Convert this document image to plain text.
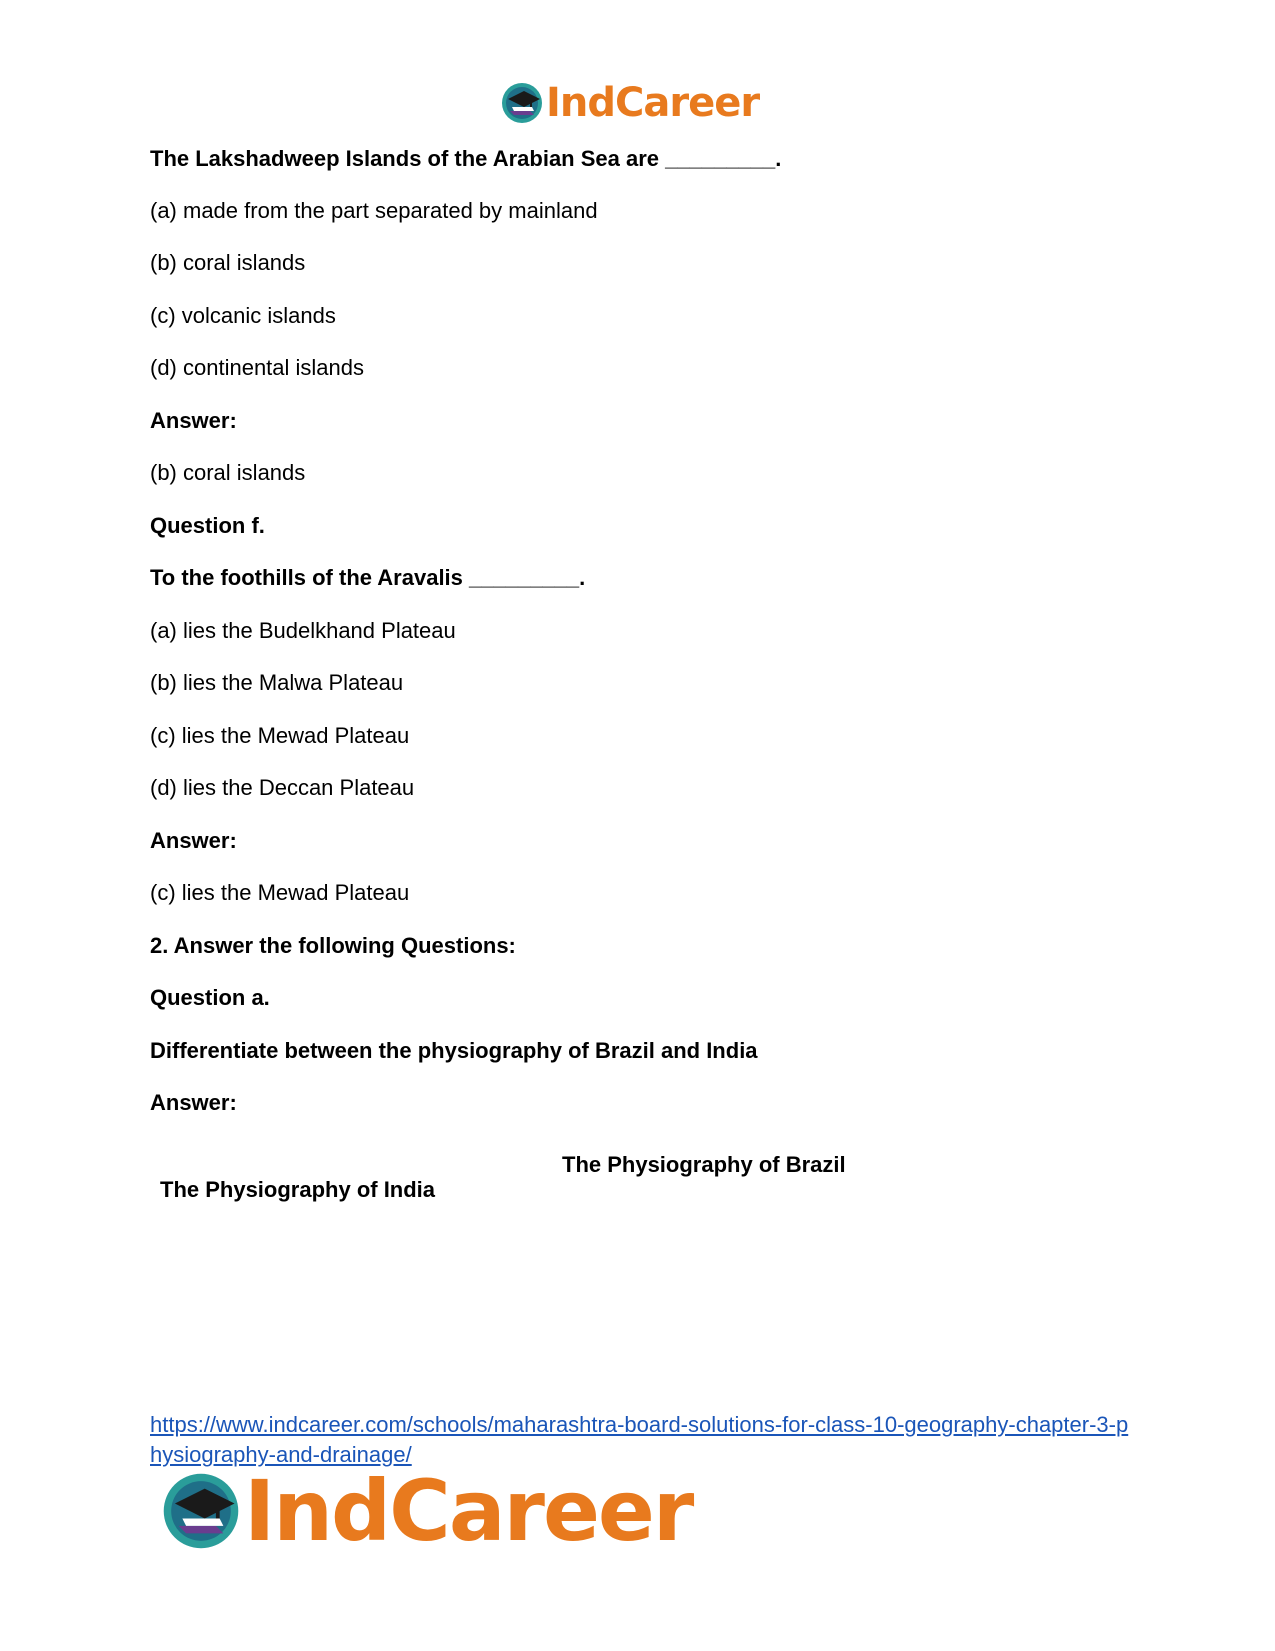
IndCareer
The Lakshadweep Islands of the Arabian Sea are _________.
(a) made from the part separated by mainland
(b) coral islands
(c) volcanic islands
(d) continental islands
Answer:
(b) coral islands
Question f.
To the foothills of the Aravalis _________.
(a) lies the Budelkhand Plateau
(b) lies the Malwa Plateau
(c) lies the Mewad Plateau
(d) lies the Deccan Plateau
Answer:
(c) lies the Mewad Plateau
2. Answer the following Questions:
Question a.
Differentiate between the physiography of Brazil and India
Answer:
The Physiography of India
The Physiography of Brazil
https://www.indcareer.com/schools/maharashtra-board-solutions-for-class-10-geography-chapter-3-physiography-and-drainage/
IndCareer
